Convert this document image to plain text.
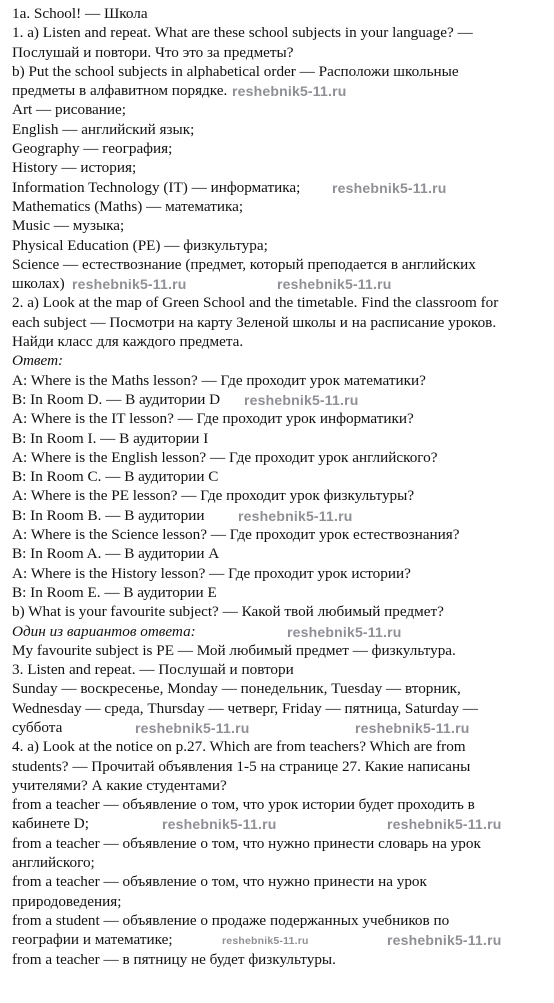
1a. School! — Школа
1. a) Listen and repeat. What are these school subjects in your language? —
Послушай и повтори. Что это за предметы?
b) Put the school subjects in alphabetical order — Расположи школьные
предметы в алфавитном порядке. reshebnik5-11.ru
Art — рисование;
English — английский язык;
Geography — география;
History — история;
Information Technology (IT) — информатика; reshebnik5-11.ru
Mathematics (Maths) — математика;
Music — музыка;
Physical Education (PE) — физкультура;
Science — естествознание (предмет, который преподается в английских
школах) reshebnik5-11.ru	reshebnik5-11.ru
2. a) Look at the map of Green School and the timetable. Find the classroom for
each subject — Посмотри на карту Зеленой школы и на расписание уроков.
Найди класс для каждого предмета.
Ответ:
A: Where is the Maths lesson? — Где проходит урок математики?
B: In Room D. — В аудитории D reshebnik5-11.ru
A: Where is the IT lesson? — Где проходит урок информатики?
B: In Room I. — В аудитории I
A: Where is the English lesson? — Где проходит урок английского?
B: In Room C. — В аудитории C
A: Where is the PE lesson? — Где проходит урок физкультуры?
B: In Room B. — В аудитории reshebnik5-11.ru
A: Where is the Science lesson? — Где проходит урок естествознания?
B: In Room A. — В аудитории A
A: Where is the History lesson? — Где проходит урок истории?
B: In Room E. — В аудитории E
b) What is your favourite subject? — Какой твой любимый предмет?
Один из вариантов ответа:	reshebnik5-11.ru
My favourite subject is PE — Мой любимый предмет — физкультура.
3. Listen and repeat. — Послушай и повтори
Sunday — воскресенье, Monday — понедельник, Tuesday — вторник,
Wednesday — среда, Thursday — четверг, Friday — пятница, Saturday —
суббота	reshebnik5-11.ru	reshebnik5-11.ru
4. a) Look at the notice on p.27. Which are from teachers? Which are from
students? — Прочитай объявления 1-5 на странице 27. Какие написаны
учителями? А какие студентами?
from a teacher — объявление о том, что урок истории будет проходить в
кабинете D;	reshebnik5-11.ru	reshebnik5-11.ru
from a teacher — объявление о том, что нужно принести словарь на урок
английского;
from a teacher — объявление о том, что нужно принести на урок
природоведения;
from a student — объявление о продаже подержанных учебников по
географии и математике;	reshebnik5-11.ru	reshebnik5-11.ru
from a teacher — в пятницу не будет физкультуры.
